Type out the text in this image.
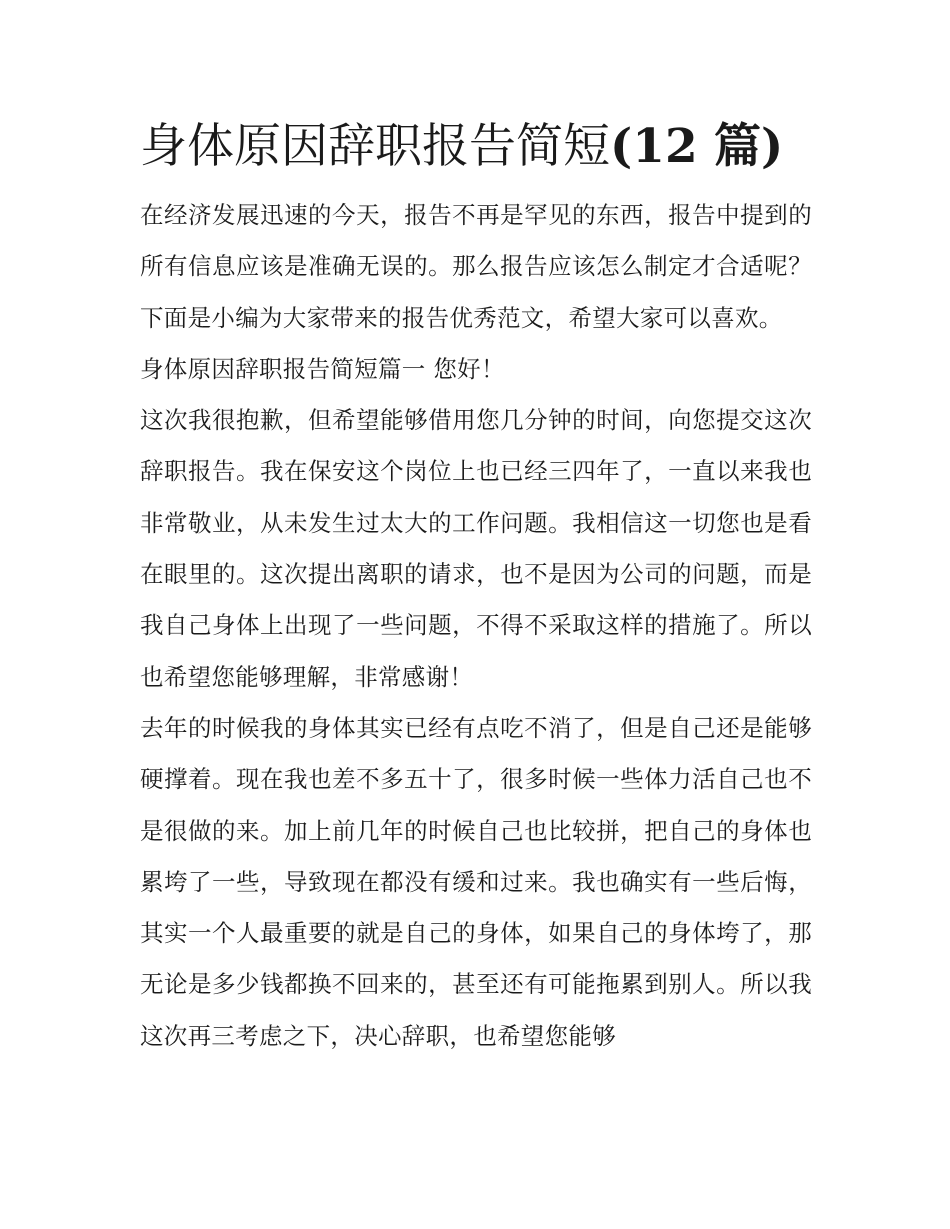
身体原因辞职报告简短(12 篇)

在经济发展迅速的今天，报告不再是罕见的东西，报告中提到的所有信息应该是准确无误的。那么报告应该怎么制定才合适呢？下面是小编为大家带来的报告优秀范文，希望大家可以喜欢。

身体原因辞职报告简短篇一 您好！

这次我很抱歉，但希望能够借用您几分钟的时间，向您提交这次辞职报告。我在保安这个岗位上也已经三四年了，一直以来我也非常敬业，从未发生过太大的工作问题。我相信这一切您也是看在眼里的。这次提出离职的请求，也不是因为公司的问题，而是我自己身体上出现了一些问题，不得不采取这样的措施了。所以也希望您能够理解，非常感谢！

去年的时候我的身体其实已经有点吃不消了，但是自己还是能够硬撑着。现在我也差不多五十了，很多时候一些体力活自己也不是很做的来。加上前几年的时候自己也比较拼，把自己的身体也累垮了一些，导致现在都没有缓和过来。我也确实有一些后悔，其实一个人最重要的就是自己的身体，如果自己的身体垮了，那无论是多少钱都换不回来的，甚至还有可能拖累到别人。所以我这次再三考虑之下，决心辞职，也希望您能够
